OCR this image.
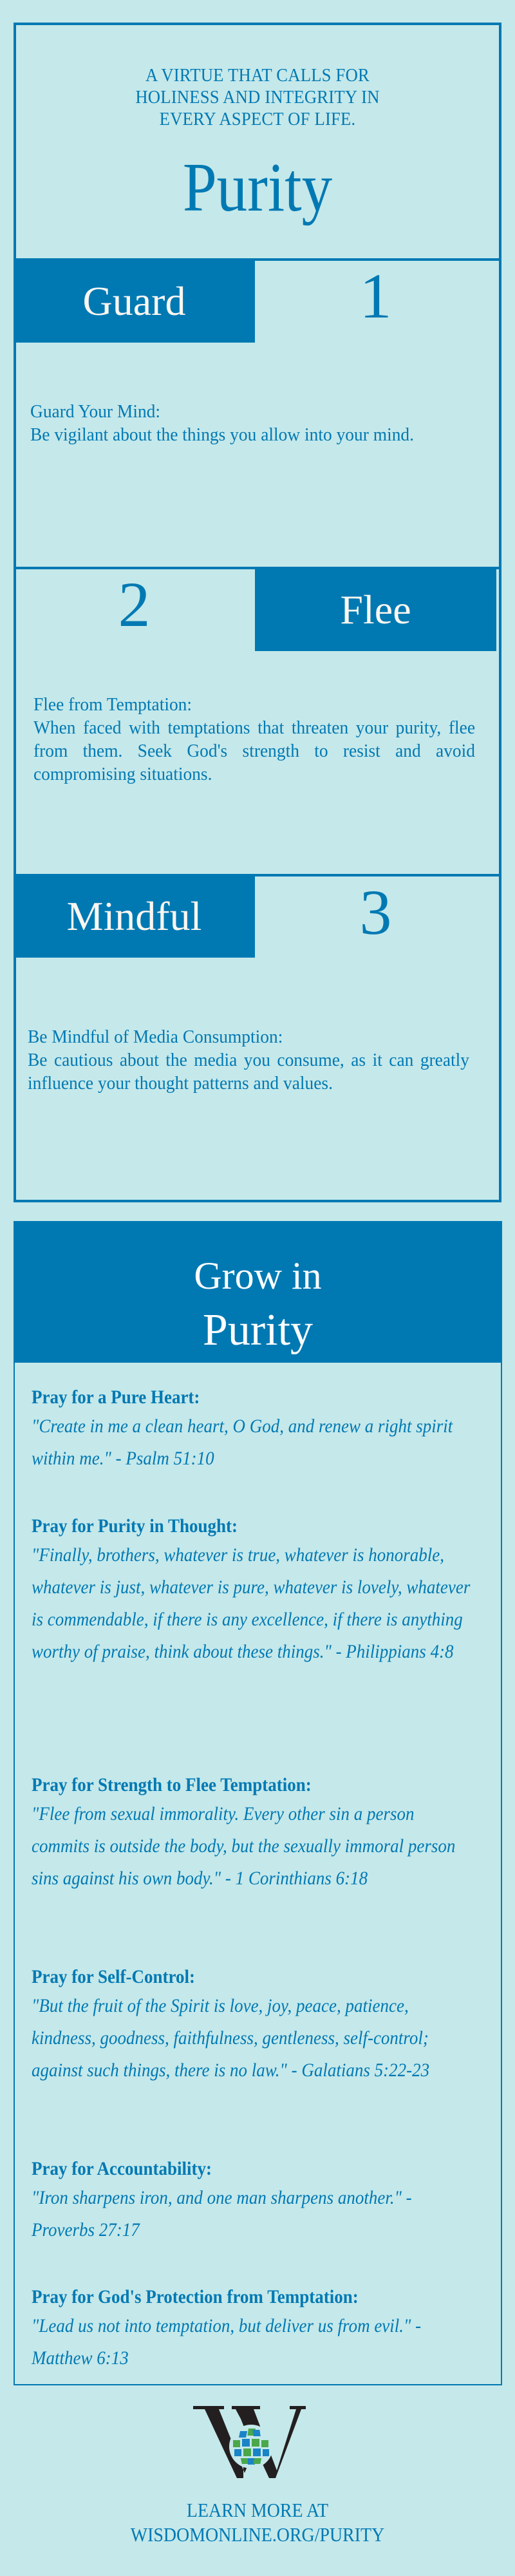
A VIRTUE THAT CALLS FOR
HOLINESS AND INTEGRITY IN
EVERY ASPECT OF LIFE.
Purity
Guard	1
Guard Your Mind:
Be vigilant about the things you allow into your mind.
2	Flee
Flee from Temptation:
When faced with temptations that threaten your purity, flee from them. Seek God's strength to resist and avoid compromising situations.
Mindful	3
Be Mindful of Media Consumption:
Be cautious about the media you consume, as it can greatly influence your thought patterns and values.
Grow in
Purity
Pray for a Pure Heart:
"Create in me a clean heart, O God, and renew a right spirit within me." - Psalm 51:10
Pray for Purity in Thought:
"Finally, brothers, whatever is true, whatever is honorable, whatever is just, whatever is pure, whatever is lovely, whatever is commendable, if there is any excellence, if there is anything worthy of praise, think about these things." - Philippians 4:8
Pray for Strength to Flee Temptation:
"Flee from sexual immorality. Every other sin a person commits is outside the body, but the sexually immoral person sins against his own body." - 1 Corinthians 6:18
Pray for Self-Control:
"But the fruit of the Spirit is love, joy, peace, patience, kindness, goodness, faithfulness, gentleness, self-control; against such things, there is no law." - Galatians 5:22-23
Pray for Accountability:
"Iron sharpens iron, and one man sharpens another." - Proverbs 27:17
Pray for God's Protection from Temptation:
"Lead us not into temptation, but deliver us from evil." - Matthew 6:13
LEARN MORE AT
WISDOMONLINE.ORG/PURITY
